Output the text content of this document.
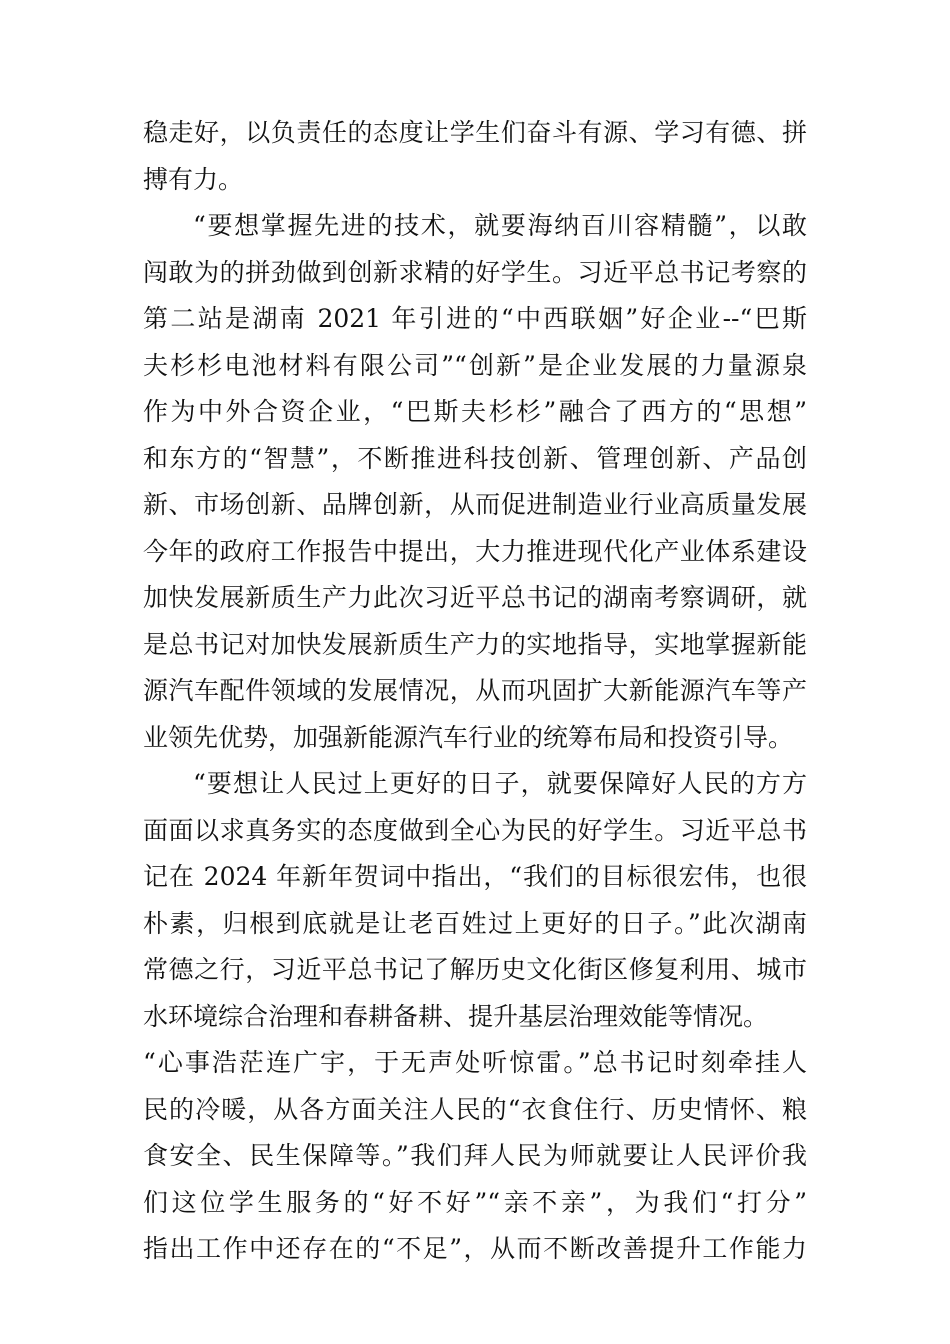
稳走好，以负责任的态度让学生们奋斗有源、学习有德、拼
搏有力。
“要想掌握先进的技术，就要海纳百川容精髓”，以敢
闯敢为的拼劲做到创新求精的好学生。习近平总书记考察的
第二站是湖南 2021 年引进的“中西联姻”好企业--“巴斯
夫杉杉电池材料有限公司”“创新”是企业发展的力量源泉
作为中外合资企业，“巴斯夫杉杉”融合了西方的“思想”
和东方的“智慧”，不断推进科技创新、管理创新、产品创
新、市场创新、品牌创新，从而促进制造业行业高质量发展
今年的政府工作报告中提出，大力推进现代化产业体系建设
加快发展新质生产力此次习近平总书记的湖南考察调研，就
是总书记对加快发展新质生产力的实地指导，实地掌握新能
源汽车配件领域的发展情况，从而巩固扩大新能源汽车等产
业领先优势，加强新能源汽车行业的统筹布局和投资引导。
“要想让人民过上更好的日子，就要保障好人民的方方
面面以求真务实的态度做到全心为民的好学生。习近平总书
记在 2024 年新年贺词中指出，“我们的目标很宏伟，也很
朴素，归根到底就是让老百姓过上更好的日子。”此次湖南
常德之行，习近平总书记了解历史文化街区修复利用、城市
水环境综合治理和春耕备耕、提升基层治理效能等情况。
“心事浩茫连广宇，于无声处听惊雷。”总书记时刻牵挂人
民的冷暖，从各方面关注人民的“衣食住行、历史情怀、粮
食安全、民生保障等。”我们拜人民为师就要让人民评价我
们这位学生服务的“好不好”“亲不亲”，为我们“打分”
指出工作中还存在的“不足”，从而不断改善提升工作能力
